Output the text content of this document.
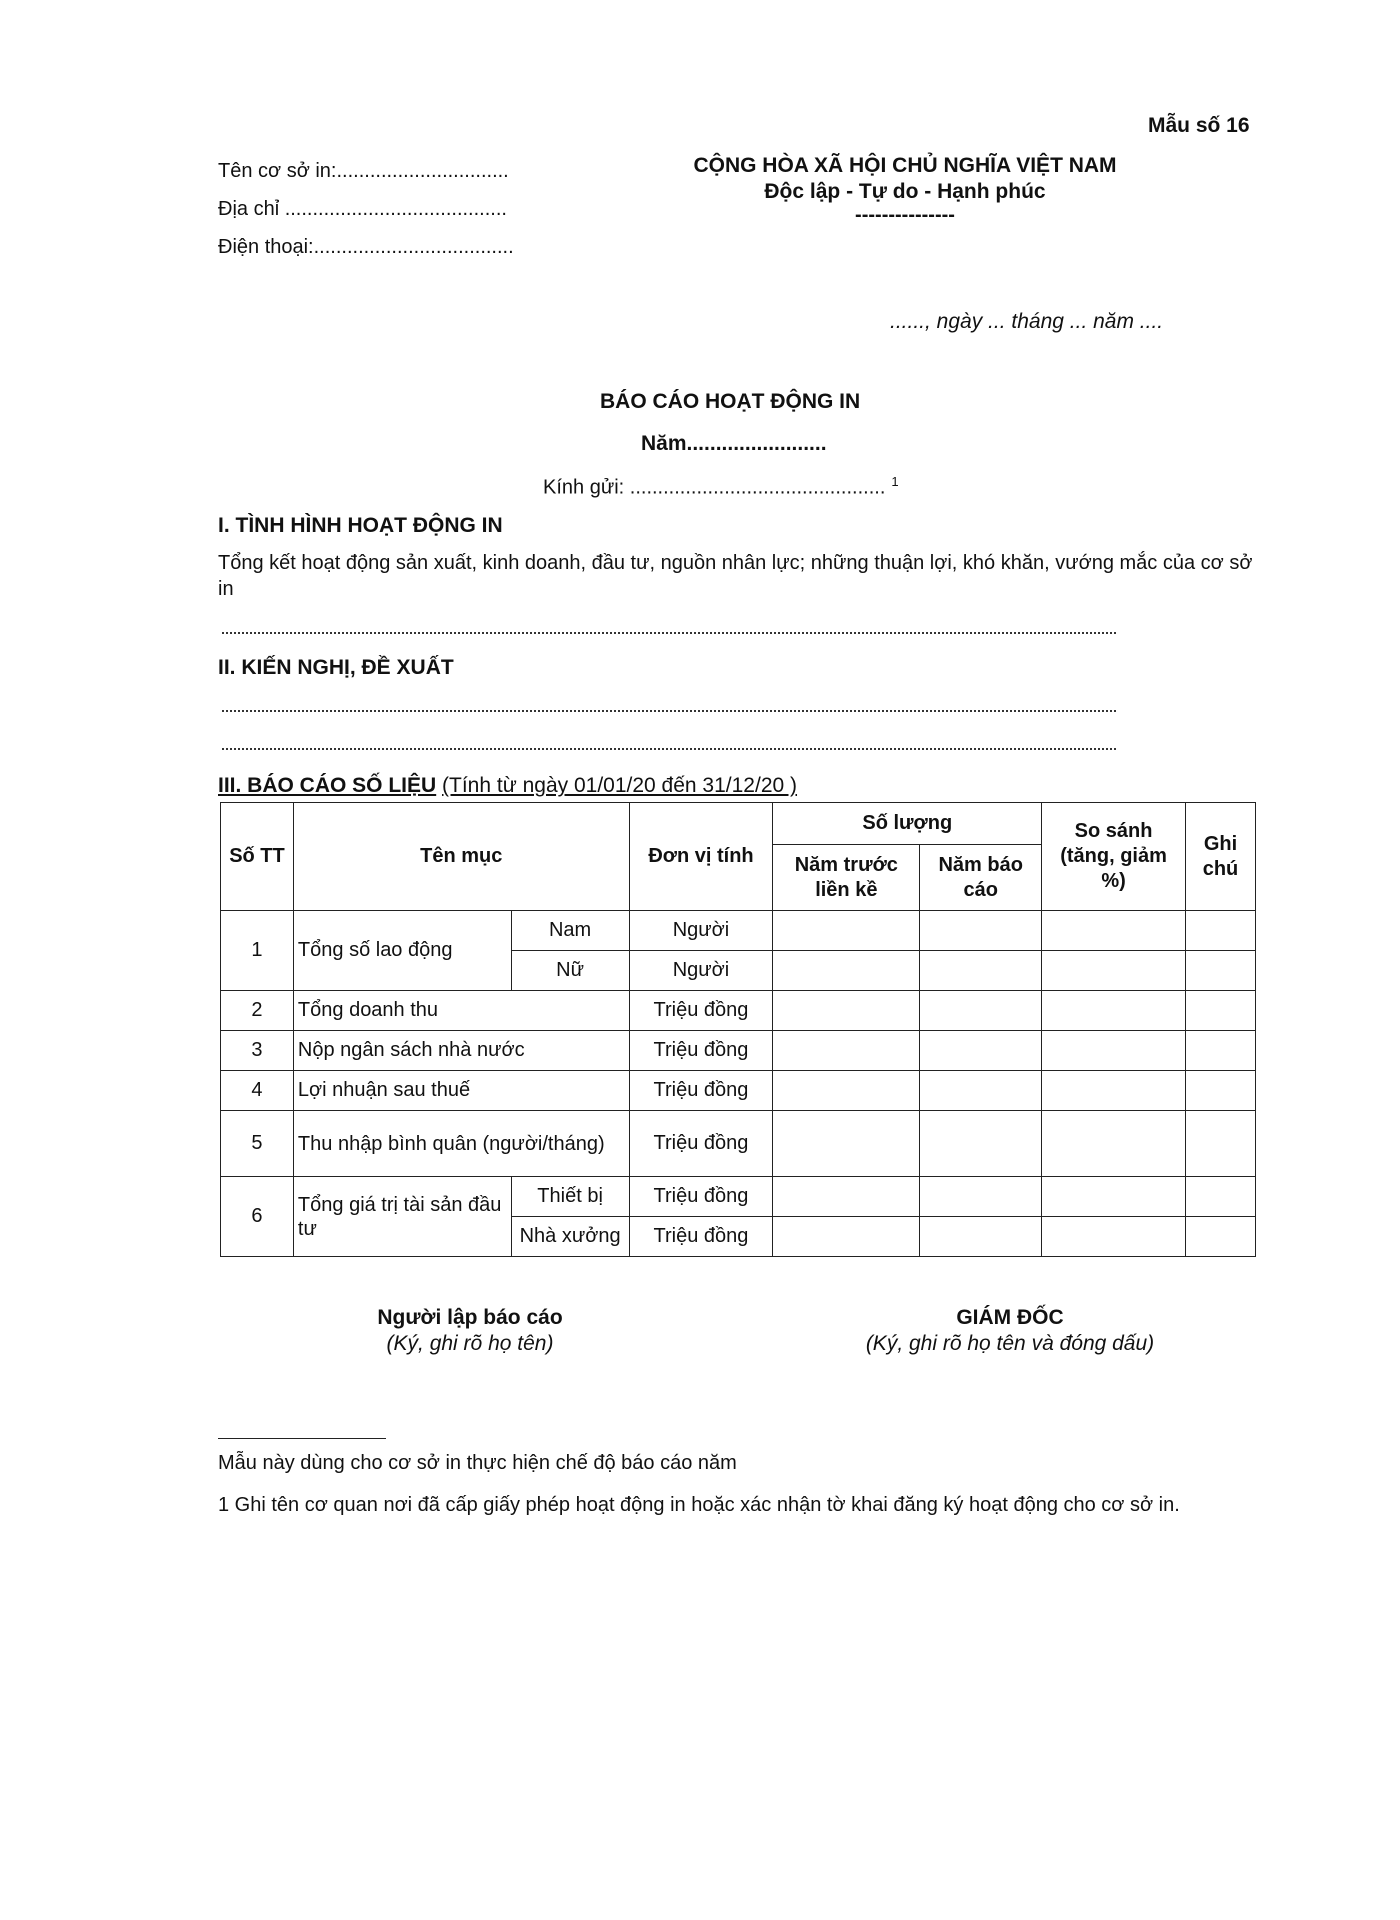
Mẫu số 16
Tên cơ sở in:...............................
Địa chỉ ........................................
Điện thoại:....................................
CỘNG HÒA XÃ HỘI CHỦ NGHĨA VIỆT NAM
Độc lập - Tự do - Hạnh phúc
---------------
......, ngày ... tháng ... năm ....
BÁO CÁO HOẠT ĐỘNG IN
Năm........................
Kính gửi: .............................................. $^1$
I. TÌNH HÌNH HOẠT ĐỘNG IN
Tổng kết hoạt động sản xuất, kinh doanh, đầu tư, nguồn nhân lực; những thuận lợi, khó khăn, vướng mắc của cơ sở in
II. KIẾN NGHỊ, ĐỀ XUẤT
III. BÁO CÁO SỐ LIỆU (Tính từ ngày 01/01/20 đến 31/12/20 )
Số TT	Tên mục		Đơn vị tính	Số lượng		So sánh (tăng, giảm %)	Ghi chú
				Năm trước liền kề	Năm báo cáo		
1	Tổng số lao động	Nam	Người				
		Nữ	Người				
2	Tổng doanh thu		Triệu đồng				
3	Nộp ngân sách nhà nước		Triệu đồng				
4	Lợi nhuận sau thuế		Triệu đồng				
5	Thu nhập bình quân (người/tháng)		Triệu đồng				
6	Tổng giá trị tài sản đầu tư	Thiết bị	Triệu đồng				
		Nhà xưởng	Triệu đồng				
Người lập báo cáo
(Ký, ghi rõ họ tên)
GIÁM ĐỐC
(Ký, ghi rõ họ tên và đóng dấu)
Mẫu này dùng cho cơ sở in thực hiện chế độ báo cáo năm
1 Ghi tên cơ quan nơi đã cấp giấy phép hoạt động in hoặc xác nhận tờ khai đăng ký hoạt động cho cơ sở in.
